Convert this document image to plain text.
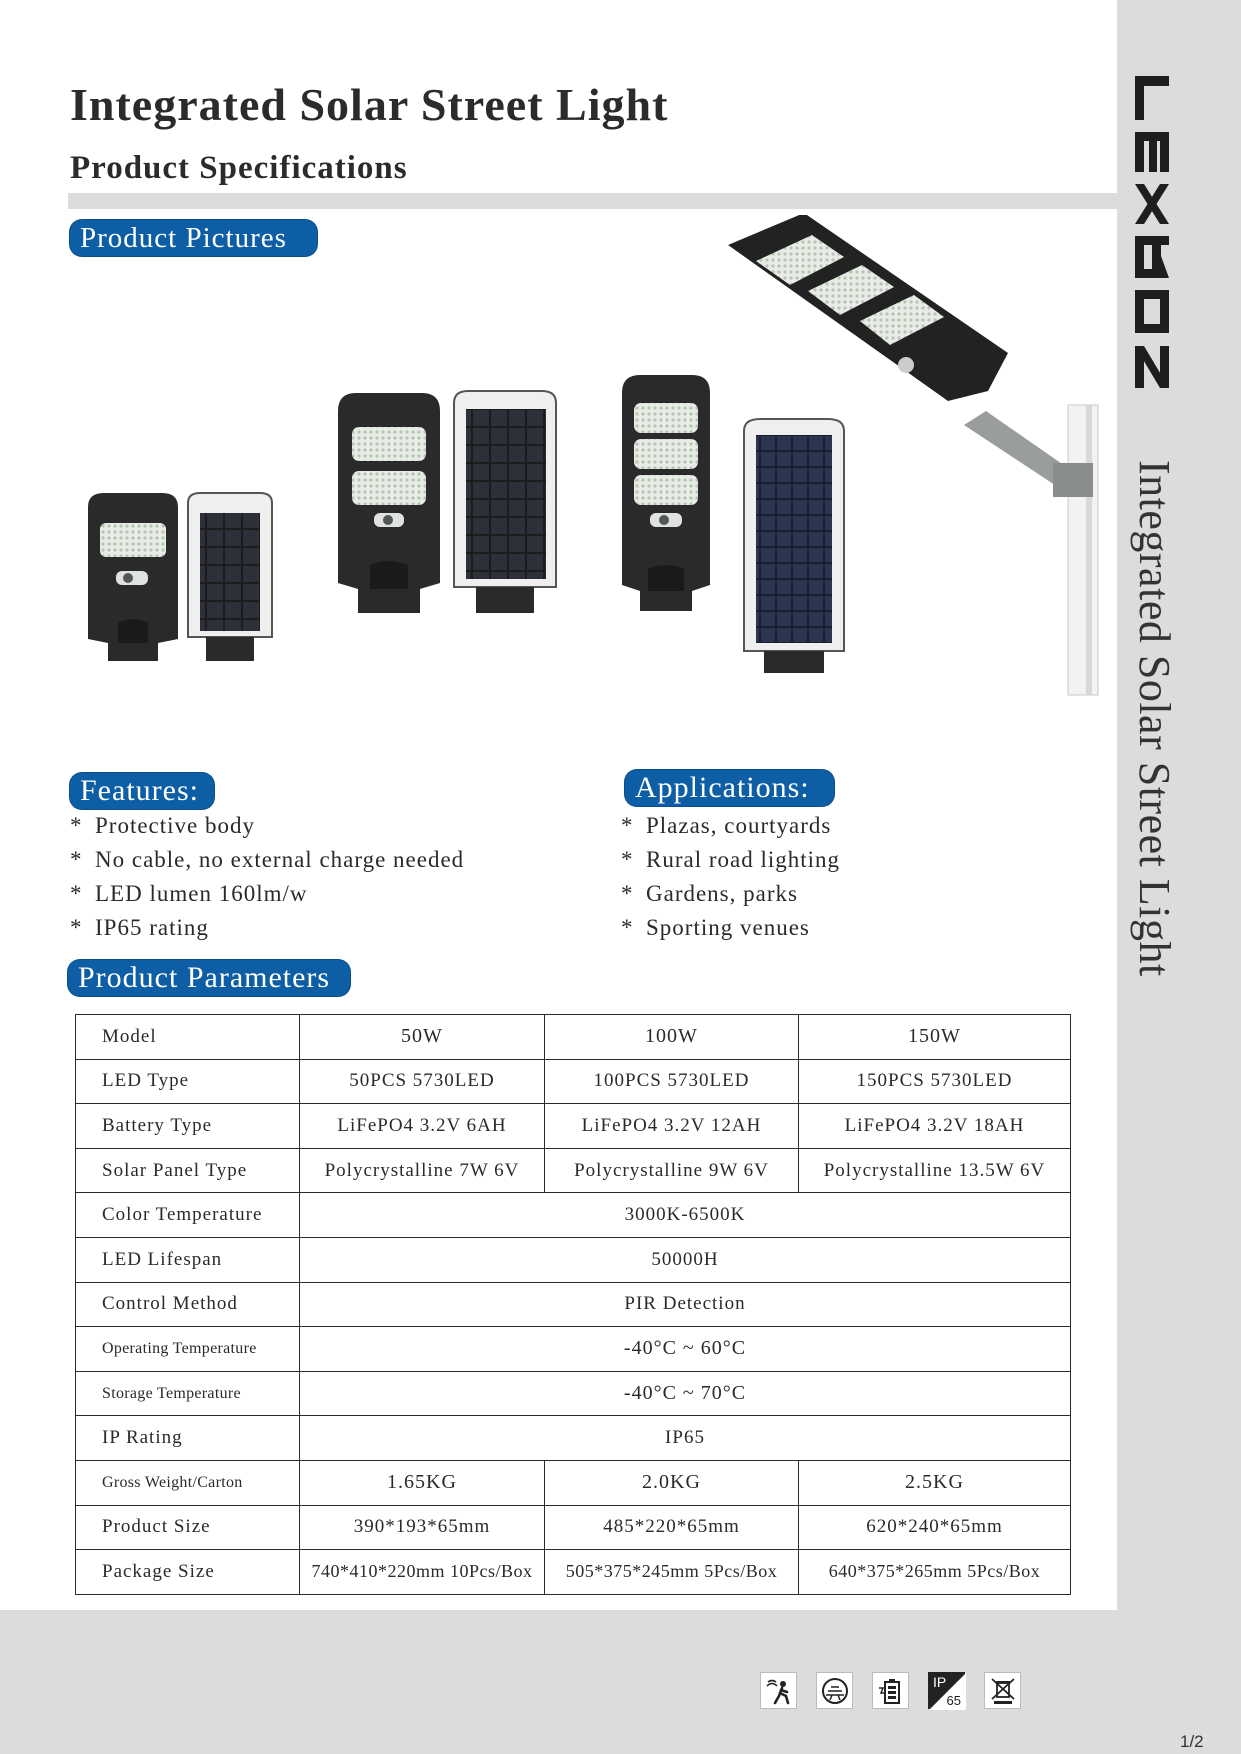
Integrated Solar Street Light
Integrated Solar Street Light
Product Specifications
Product Pictures
Features:
* Protective body
* No cable, no external charge needed
* LED lumen 160lm/w
* IP65 rating
Applications:
* Plazas, courtyards
* Rural road lighting
* Gardens, parks
* Sporting venues
Product Parameters
Model	50W	100W	150W
LED Type	50PCS 5730LED	100PCS 5730LED	150PCS 5730LED
Battery Type	LiFePO4 3.2V 6AH	LiFePO4 3.2V 12AH	LiFePO4 3.2V 18AH
Solar Panel Type	Polycrystalline 7W 6V	Polycrystalline 9W 6V	Polycrystalline 13.5W 6V
Color Temperature	3000K-6500K		
LED Lifespan	50000H		
Control Method	PIR Detection		
Operating Temperature	-40°C ~ 60°C		
Storage Temperature	-40°C ~ 70°C		
IP Rating	IP65		
Gross Weight/Carton	1.65KG	2.0KG	2.5KG
Product Size	390*193*65mm	485*220*65mm	620*240*65mm
Package Size	740*410*220mm 10Pcs/Box	505*375*245mm 5Pcs/Box	640*375*265mm 5Pcs/Box
IP
65
1/2
